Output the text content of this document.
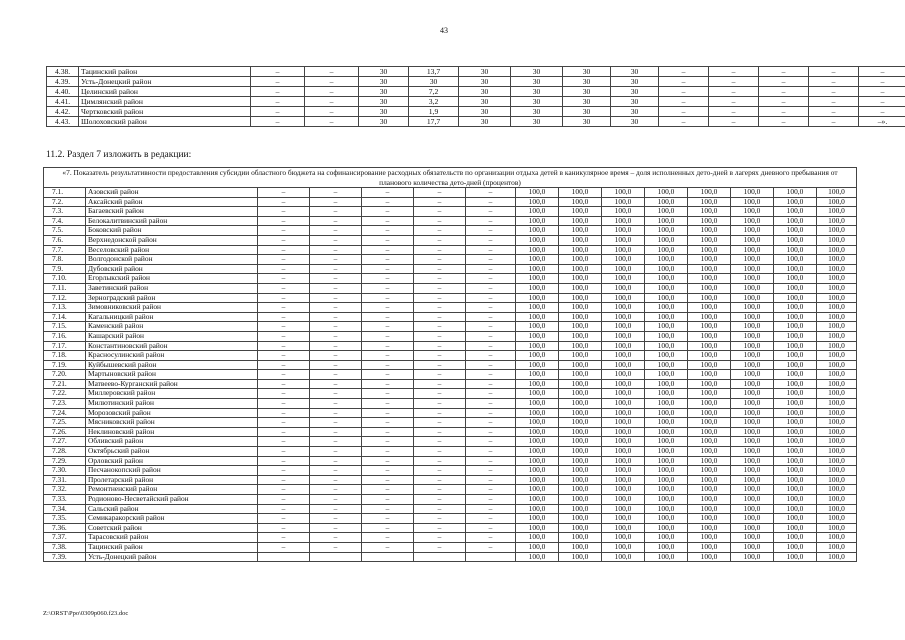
43
4.38.	Тацинский район	–	–	30	13,7	30	30	30	30	–	–	–	–	–
4.39.	Усть-Донецкий район	–	–	30	30	30	30	30	30	–	–	–	–	–
4.40.	Целинский район	–	–	30	7,2	30	30	30	30	–	–	–	–	–
4.41.	Цимлянский район	–	–	30	3,2	30	30	30	30	–	–	–	–	–
4.42.	Чертковский район	–	–	30	1,9	30	30	30	30	–	–	–	–	–
4.43.	Шолоховский район	–	–	30	17,7	30	30	30	30	–	–	–	–	–».
11.2. Раздел 7 изложить в редакции:
«7. Показатель результативности предоставления субсидии областного бюджета на софинансирование расходных обязательств по организации отдыха детей в каникулярное время – доля исполненных дето-дней в лагерях дневного пребывания от планового количества дето-дней (процентов)														
7.1.	Азовский район	–	–	–	–	–	100,0	100,0	100,0	100,0	100,0	100,0	100,0	100,0
7.2.	Аксайский район	–	–	–	–	–	100,0	100,0	100,0	100,0	100,0	100,0	100,0	100,0
7.3.	Багаевский район	–	–	–	–	–	100,0	100,0	100,0	100,0	100,0	100,0	100,0	100,0
7.4.	Белокалитвинский район	–	–	–	–	–	100,0	100,0	100,0	100,0	100,0	100,0	100,0	100,0
7.5.	Боковский район	–	–	–	–	–	100,0	100,0	100,0	100,0	100,0	100,0	100,0	100,0
7.6.	Верхнедонской район	–	–	–	–	–	100,0	100,0	100,0	100,0	100,0	100,0	100,0	100,0
7.7.	Веселовский район	–	–	–	–	–	100,0	100,0	100,0	100,0	100,0	100,0	100,0	100,0
7.8.	Волгодонской район	–	–	–	–	–	100,0	100,0	100,0	100,0	100,0	100,0	100,0	100,0
7.9.	Дубовский район	–	–	–	–	–	100,0	100,0	100,0	100,0	100,0	100,0	100,0	100,0
7.10.	Егорлыкский район	–	–	–	–	–	100,0	100,0	100,0	100,0	100,0	100,0	100,0	100,0
7.11.	Заветинский район	–	–	–	–	–	100,0	100,0	100,0	100,0	100,0	100,0	100,0	100,0
7.12.	Зерноградский район	–	–	–	–	–	100,0	100,0	100,0	100,0	100,0	100,0	100,0	100,0
7.13.	Зимовниковский район	–	–	–	–	–	100,0	100,0	100,0	100,0	100,0	100,0	100,0	100,0
7.14.	Кагальницкий район	–	–	–	–	–	100,0	100,0	100,0	100,0	100,0	100,0	100,0	100,0
7.15.	Каменский район	–	–	–	–	–	100,0	100,0	100,0	100,0	100,0	100,0	100,0	100,0
7.16.	Кашарский район	–	–	–	–	–	100,0	100,0	100,0	100,0	100,0	100,0	100,0	100,0
7.17.	Константиновский район	–	–	–	–	–	100,0	100,0	100,0	100,0	100,0	100,0	100,0	100,0
7.18.	Красносулинский район	–	–	–	–	–	100,0	100,0	100,0	100,0	100,0	100,0	100,0	100,0
7.19.	Куйбышевский район	–	–	–	–	–	100,0	100,0	100,0	100,0	100,0	100,0	100,0	100,0
7.20.	Мартыновский район	–	–	–	–	–	100,0	100,0	100,0	100,0	100,0	100,0	100,0	100,0
7.21.	Матвеево-Курганский район	–	–	–	–	–	100,0	100,0	100,0	100,0	100,0	100,0	100,0	100,0
7.22.	Миллеровский район	–	–	–	–	–	100,0	100,0	100,0	100,0	100,0	100,0	100,0	100,0
7.23.	Милютинский район	–	–	–	–	–	100,0	100,0	100,0	100,0	100,0	100,0	100,0	100,0
7.24.	Морозовский район	–	–	–	–	–	100,0	100,0	100,0	100,0	100,0	100,0	100,0	100,0
7.25.	Мясниковский район	–	–	–	–	–	100,0	100,0	100,0	100,0	100,0	100,0	100,0	100,0
7.26.	Неклиновский район	–	–	–	–	–	100,0	100,0	100,0	100,0	100,0	100,0	100,0	100,0
7.27.	Обливский район	–	–	–	–	–	100,0	100,0	100,0	100,0	100,0	100,0	100,0	100,0
7.28.	Октябрьский район	–	–	–	–	–	100,0	100,0	100,0	100,0	100,0	100,0	100,0	100,0
7.29.	Орловский район	–	–	–	–	–	100,0	100,0	100,0	100,0	100,0	100,0	100,0	100,0
7.30.	Песчанокопский район	–	–	–	–	–	100,0	100,0	100,0	100,0	100,0	100,0	100,0	100,0
7.31.	Пролетарский район	–	–	–	–	–	100,0	100,0	100,0	100,0	100,0	100,0	100,0	100,0
7.32.	Ремонтненский район	–	–	–	–	–	100,0	100,0	100,0	100,0	100,0	100,0	100,0	100,0
7.33.	Родионово-Несветайский район	–	–	–	–	–	100,0	100,0	100,0	100,0	100,0	100,0	100,0	100,0
7.34.	Сальский район	–	–	–	–	–	100,0	100,0	100,0	100,0	100,0	100,0	100,0	100,0
7.35.	Семикаракорский район	–	–	–	–	–	100,0	100,0	100,0	100,0	100,0	100,0	100,0	100,0
7.36.	Советский район	–	–	–	–	–	100,0	100,0	100,0	100,0	100,0	100,0	100,0	100,0
7.37.	Тарасовский район	–	–	–	–	–	100,0	100,0	100,0	100,0	100,0	100,0	100,0	100,0
7.38.	Тацинский район	–	–	–	–	–	100,0	100,0	100,0	100,0	100,0	100,0	100,0	100,0
7.39.	Усть-Донецкий район						100,0	100,0	100,0	100,0	100,0	100,0	100,0	100,0
Z:\ORST\Ppo\0309p060.f23.doc
